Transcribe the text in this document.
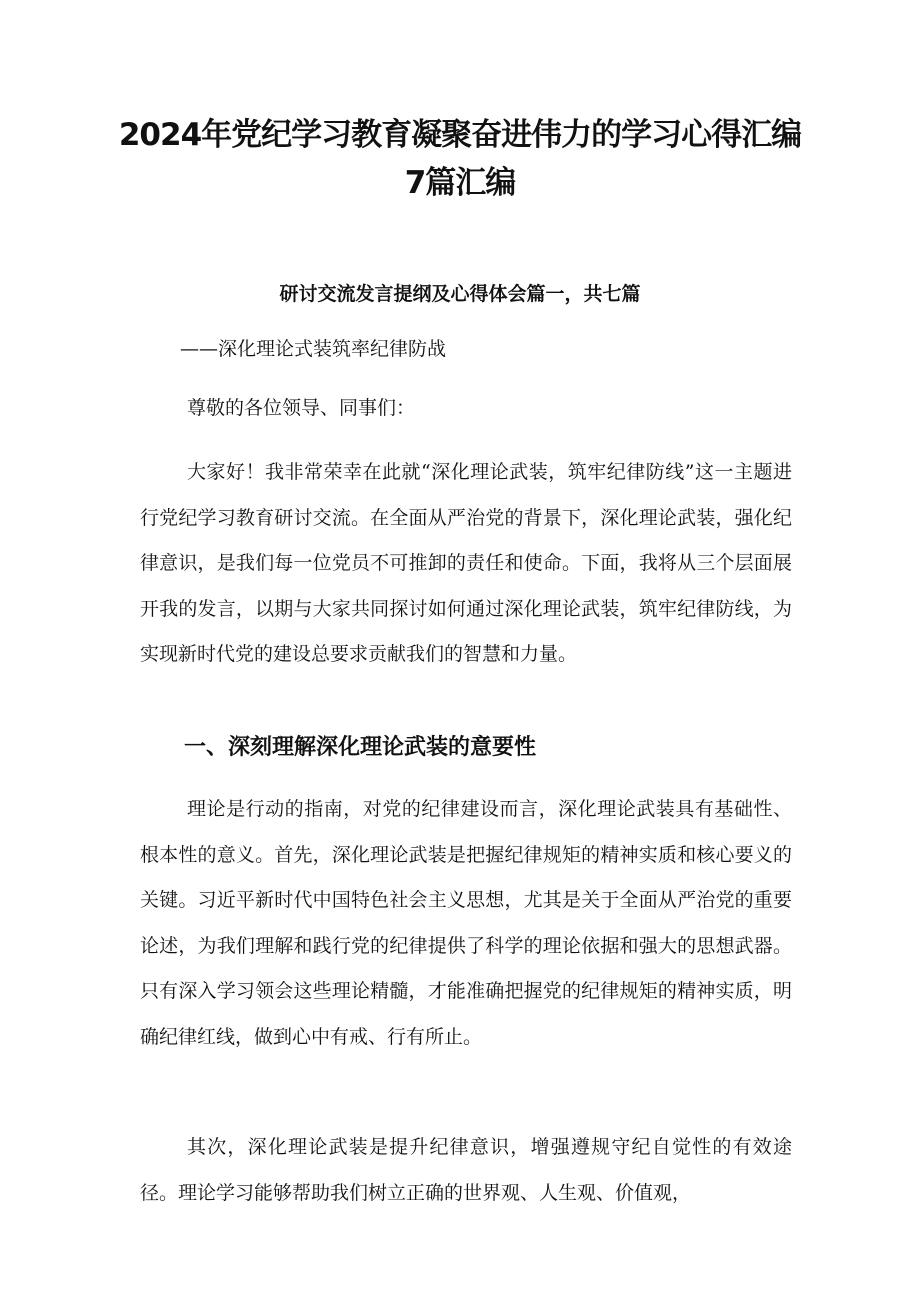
2024年党纪学习教育凝聚奋进伟力的学习心得汇编
7篇汇编
研讨交流发言提纲及心得体会篇一，共七篇

——深化理论式装筑率纪律防战

尊敬的各位领导、同事们：

大家好！我非常荣幸在此就“深化理论武装，筑牢纪律防线”这一主题进行党纪学习教育研讨交流。在全面从严治党的背景下，深化理论武装，强化纪律意识，是我们每一位党员不可推卸的责任和使命。下面，我将从三个层面展开我的发言，以期与大家共同探讨如何通过深化理论武装，筑牢纪律防线，为实现新时代党的建设总要求贡献我们的智慧和力量。

一、深刻理解深化理论武装的意要性

理论是行动的指南，对党的纪律建设而言，深化理论武装具有基础性、根本性的意义。首先，深化理论武装是把握纪律规矩的精神实质和核心要义的关键。习近平新时代中国特色社会主义思想，尤其是关于全面从严治党的重要论述，为我们理解和践行党的纪律提供了科学的理论依据和强大的思想武器。只有深入学习领会这些理论精髓，才能准确把握党的纪律规矩的精神实质，明确纪律红线，做到心中有戒、行有所止。

其次，深化理论武装是提升纪律意识，增强遵规守纪自觉性的有效途径。理论学习能够帮助我们树立正确的世界观、人生观、价值观，
